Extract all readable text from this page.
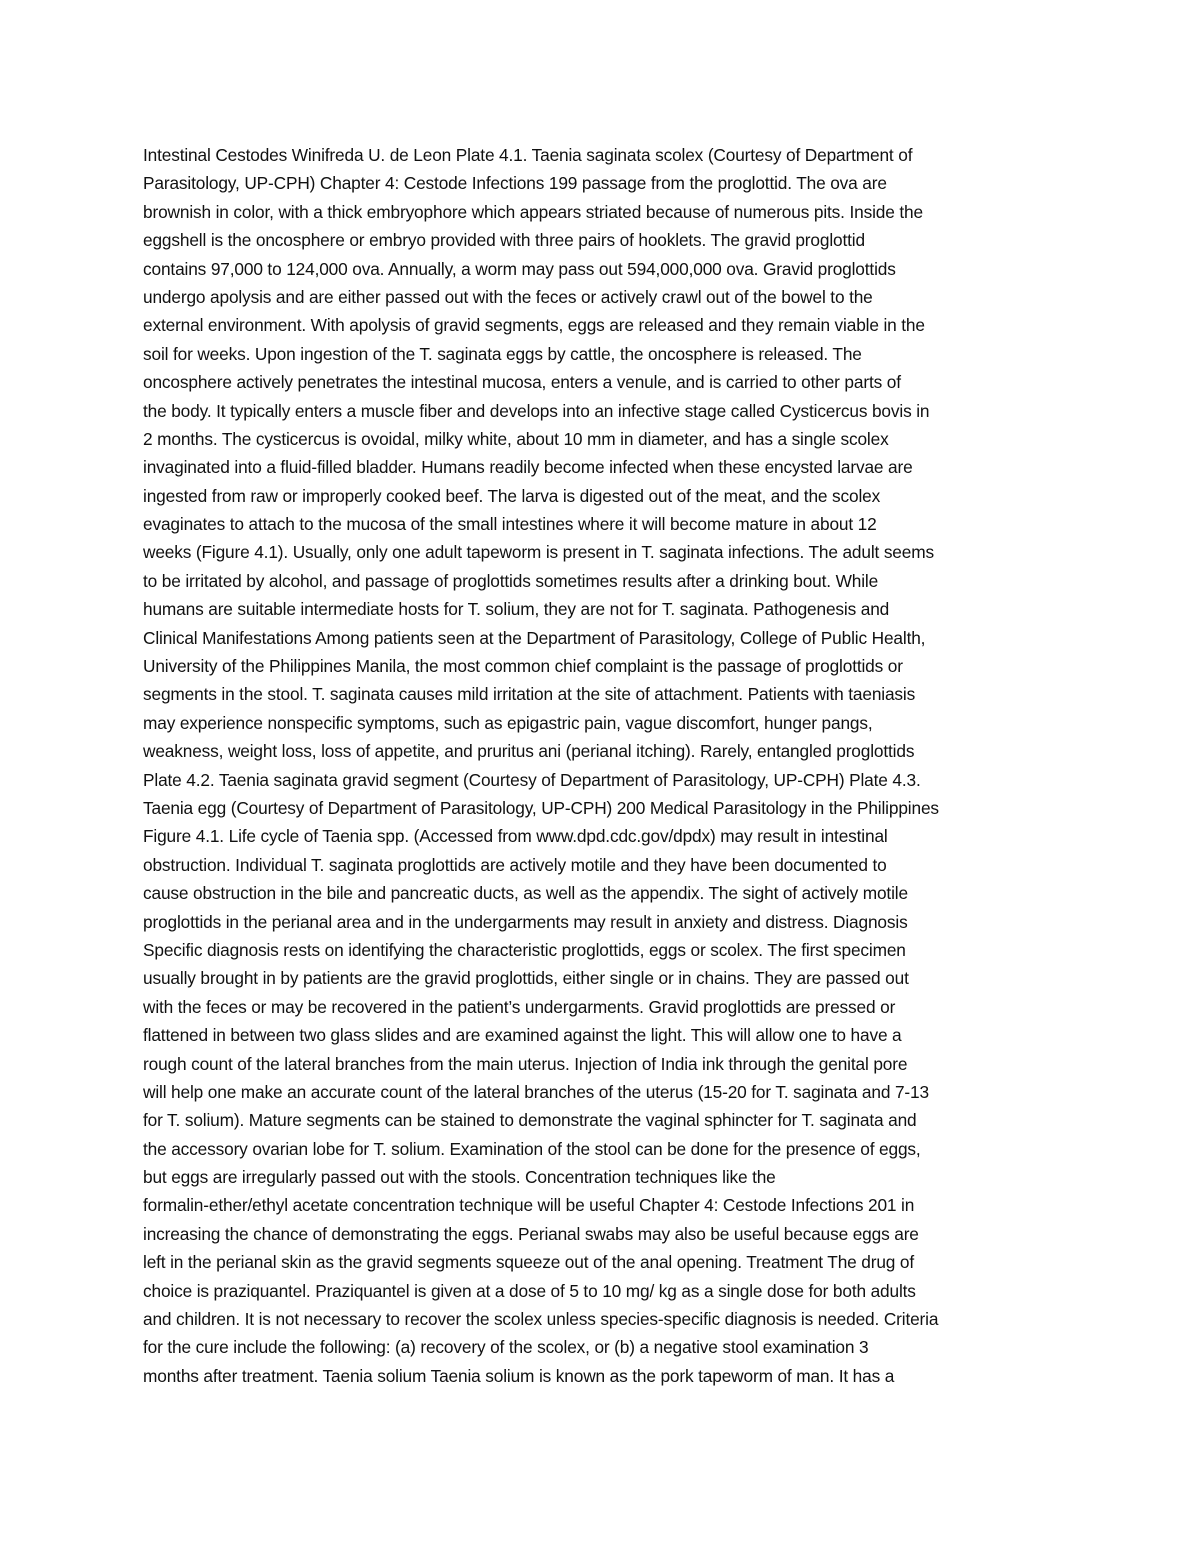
Intestinal Cestodes Winifreda U. de Leon Plate 4.1. Taenia saginata scolex (Courtesy of Department of
Parasitology, UP-CPH) Chapter 4: Cestode Infections 199 passage from the proglottid. The ova are
brownish in color, with a thick embryophore which appears striated because of numerous pits. Inside the
eggshell is the oncosphere or embryo provided with three pairs of hooklets. The gravid proglottid
contains 97,000 to 124,000 ova. Annually, a worm may pass out 594,000,000 ova. Gravid proglottids
undergo apolysis and are either passed out with the feces or actively crawl out of the bowel to the
external environment. With apolysis of gravid segments, eggs are released and they remain viable in the
soil for weeks. Upon ingestion of the T. saginata eggs by cattle, the oncosphere is released. The
oncosphere actively penetrates the intestinal mucosa, enters a venule, and is carried to other parts of
the body. It typically enters a muscle fiber and develops into an infective stage called Cysticercus bovis in
2 months. The cysticercus is ovoidal, milky white, about 10 mm in diameter, and has a single scolex
invaginated into a fluid-filled bladder. Humans readily become infected when these encysted larvae are
ingested from raw or improperly cooked beef. The larva is digested out of the meat, and the scolex
evaginates to attach to the mucosa of the small intestines where it will become mature in about 12
weeks (Figure 4.1). Usually, only one adult tapeworm is present in T. saginata infections. The adult seems
to be irritated by alcohol, and passage of proglottids sometimes results after a drinking bout. While
humans are suitable intermediate hosts for T. solium, they are not for T. saginata. Pathogenesis and
Clinical Manifestations Among patients seen at the Department of Parasitology, College of Public Health,
University of the Philippines Manila, the most common chief complaint is the passage of proglottids or
segments in the stool. T. saginata causes mild irritation at the site of attachment. Patients with taeniasis
may experience nonspecific symptoms, such as epigastric pain, vague discomfort, hunger pangs,
weakness, weight loss, loss of appetite, and pruritus ani (perianal itching). Rarely, entangled proglottids
Plate 4.2. Taenia saginata gravid segment (Courtesy of Department of Parasitology, UP-CPH) Plate 4.3.
Taenia egg (Courtesy of Department of Parasitology, UP-CPH) 200 Medical Parasitology in the Philippines
Figure 4.1. Life cycle of Taenia spp. (Accessed from www.dpd.cdc.gov/dpdx) may result in intestinal
obstruction. Individual T. saginata proglottids are actively motile and they have been documented to
cause obstruction in the bile and pancreatic ducts, as well as the appendix. The sight of actively motile
proglottids in the perianal area and in the undergarments may result in anxiety and distress. Diagnosis
Specific diagnosis rests on identifying the characteristic proglottids, eggs or scolex. The first specimen
usually brought in by patients are the gravid proglottids, either single or in chains. They are passed out
with the feces or may be recovered in the patient’s undergarments. Gravid proglottids are pressed or
flattened in between two glass slides and are examined against the light. This will allow one to have a
rough count of the lateral branches from the main uterus. Injection of India ink through the genital pore
will help one make an accurate count of the lateral branches of the uterus (15-20 for T. saginata and 7-13
for T. solium). Mature segments can be stained to demonstrate the vaginal sphincter for T. saginata and
the accessory ovarian lobe for T. solium. Examination of the stool can be done for the presence of eggs,
but eggs are irregularly passed out with the stools. Concentration techniques like the
formalin-ether/ethyl acetate concentration technique will be useful Chapter 4: Cestode Infections 201 in
increasing the chance of demonstrating the eggs. Perianal swabs may also be useful because eggs are
left in the perianal skin as the gravid segments squeeze out of the anal opening. Treatment The drug of
choice is praziquantel. Praziquantel is given at a dose of 5 to 10 mg/ kg as a single dose for both adults
and children. It is not necessary to recover the scolex unless species-specific diagnosis is needed. Criteria
for the cure include the following: (a) recovery of the scolex, or (b) a negative stool examination 3
months after treatment. Taenia solium Taenia solium is known as the pork tapeworm of man. It has a
